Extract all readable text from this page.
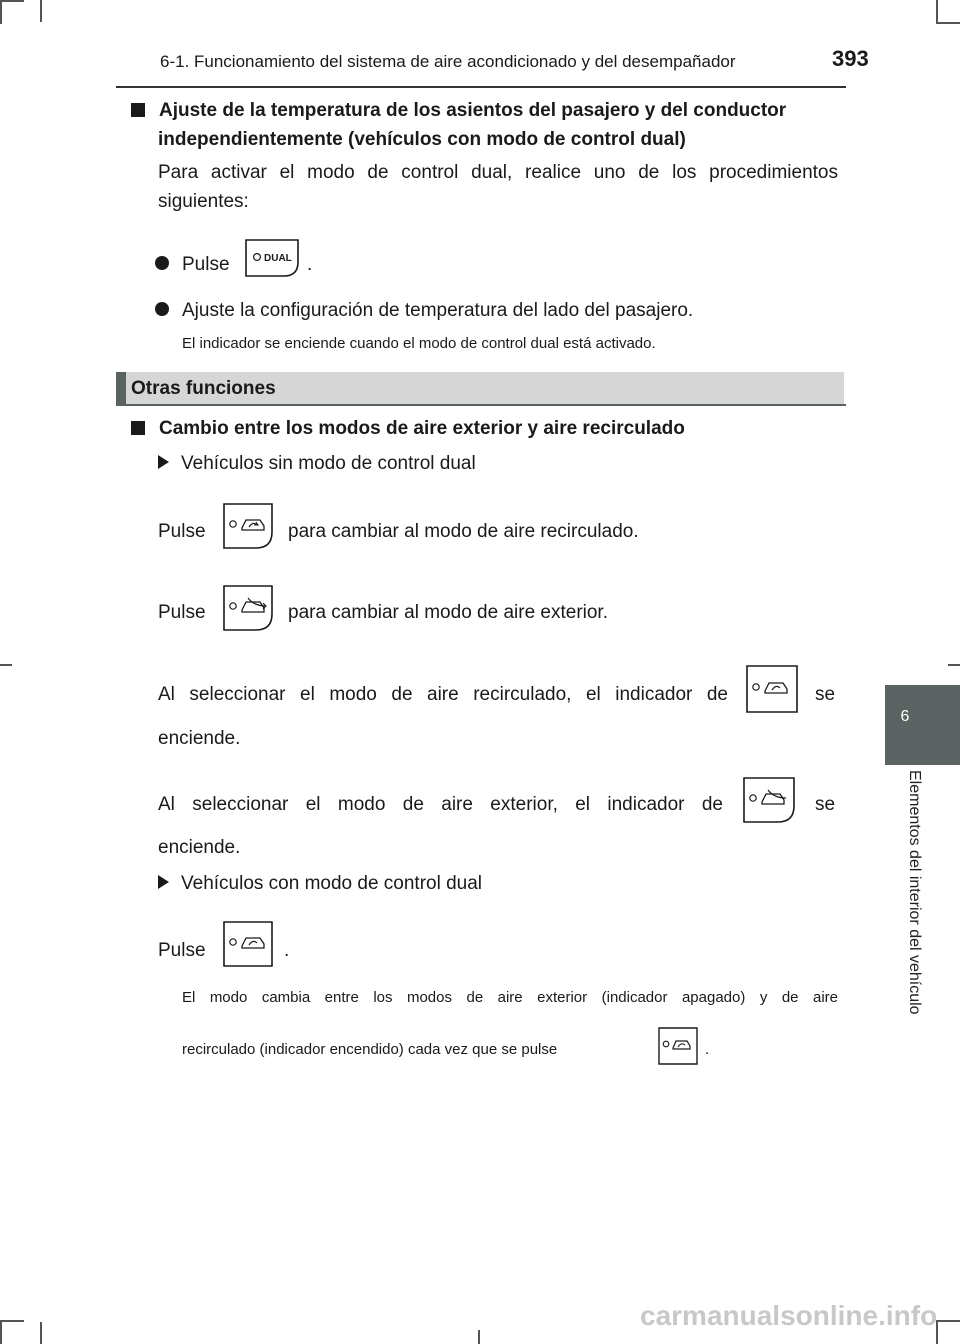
6-1. Funcionamiento del sistema de aire acondicionado y del desempañador	393
6
Elementos del interior del vehículo
Ajuste de la temperatura de los asientos del pasajero y del conductor
independientemente (vehículos con modo de control dual)
Para activar el modo de control dual, realice uno de los procedimientos siguientes:
Pulse	DUAL .
Ajuste la configuración de temperatura del lado del pasajero.
El indicador se enciende cuando el modo de control dual está activado.
Otras funciones
Cambio entre los modos de aire exterior y aire recirculado
Vehículos sin modo de control dual
Pulse	para cambiar al modo de aire recirculado.
Pulse	para cambiar al modo de aire exterior.
Al seleccionar el modo de aire recirculado, el indicador de	se
enciende.
Al seleccionar el modo de aire exterior, el indicador de	se
enciende.
Vehículos con modo de control dual
Pulse	.
El modo cambia entre los modos de aire exterior (indicador apagado) y de aire
recirculado (indicador encendido) cada vez que se pulse	.
carmanualsonline.info
